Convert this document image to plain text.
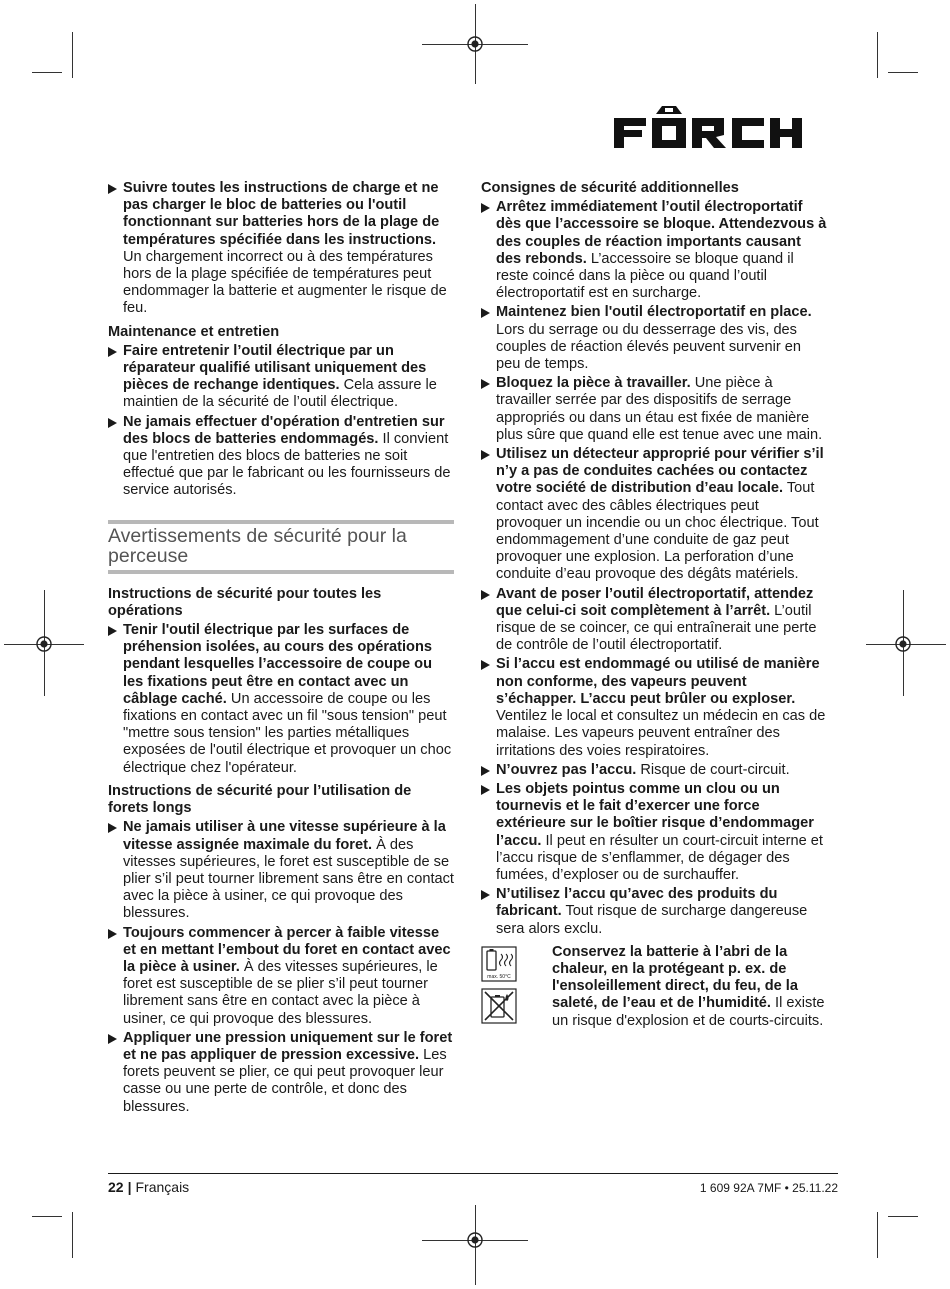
Suivre toutes les instructions de charge et ne pas charger le bloc de batteries ou l'outil fonctionnant sur batteries hors de la plage de températures spécifiée dans les instructions. Un chargement incorrect ou à des températures hors de la plage spécifiée de températures peut endommager la batterie et augmenter le risque de feu.
Maintenance et entretien
Faire entretenir l’outil électrique par un réparateur qualifié utilisant uniquement des pièces de rechange identiques. Cela assure le maintien de la sécurité de l’outil électrique.
Ne jamais effectuer d'opération d'entretien sur des blocs de batteries endommagés. Il convient que l'entretien des blocs de batteries ne soit effectué que par le fabricant ou les fournisseurs de service autorisés.
Avertissements de sécurité pour la perceuse
Instructions de sécurité pour toutes les opérations
Tenir l'outil électrique par les surfaces de préhension isolées, au cours des opérations pendant lesquelles l’accessoire de coupe ou les fixations peut être en contact avec un câblage caché. Un accessoire de coupe ou les fixations en contact avec un fil "sous tension" peut "mettre sous tension" les parties métalliques exposées de l'outil électrique et provoquer un choc électrique chez l'opérateur.
Instructions de sécurité pour l’utilisation de forets longs
Ne jamais utiliser à une vitesse supérieure à la vitesse assignée maximale du foret. À des vitesses supérieures, le foret est susceptible de se plier s’il peut tourner librement sans être en contact avec la pièce à usiner, ce qui provoque des blessures.
Toujours commencer à percer à faible vitesse et en mettant l’embout du foret en contact avec la pièce à usiner. À des vitesses supérieures, le foret est susceptible de se plier s’il peut tourner librement sans être en contact avec la pièce à usiner, ce qui provoque des blessures.
Appliquer une pression uniquement sur le foret et ne pas appliquer de pression excessive. Les forets peuvent se plier, ce qui peut provoquer leur casse ou une perte de contrôle, et donc des blessures.
Consignes de sécurité additionnelles
Arrêtez immédiatement l’outil électroportatif dès que l’accessoire se bloque. Attendezvous à des couples de réaction importants causant des rebonds. L’accessoire se bloque quand il reste coincé dans la pièce ou quand l’outil électroportatif est en surcharge.
Maintenez bien l'outil électroportatif en place. Lors du serrage ou du desserrage des vis, des couples de réaction élevés peuvent survenir en peu de temps.
Bloquez la pièce à travailler. Une pièce à travailler serrée par des dispositifs de serrage appropriés ou dans un étau est fixée de manière plus sûre que quand elle est tenue avec une main.
Utilisez un détecteur approprié pour vérifier s’il n’y a pas de conduites cachées ou contactez votre société de distribution d’eau locale. Tout contact avec des câbles électriques peut provoquer un incendie ou un choc électrique. Tout endommagement d’une conduite de gaz peut provoquer une explosion. La perforation d’une conduite d’eau provoque des dégâts matériels.
Avant de poser l’outil électroportatif, attendez que celui-ci soit complètement à l’arrêt. L’outil risque de se coincer, ce qui entraînerait une perte de contrôle de l’outil électroportatif.
Si l’accu est endommagé ou utilisé de manière non conforme, des vapeurs peuvent s’échapper. L’accu peut brûler ou exploser. Ventilez le local et consultez un médecin en cas de malaise. Les vapeurs peuvent entraîner des irritations des voies respiratoires.
N’ouvrez pas l’accu. Risque de court-circuit.
Les objets pointus comme un clou ou un tournevis et le fait d’exercer une force extérieure sur le boîtier risque d’endommager l’accu. Il peut en résulter un court-circuit interne et l’accu risque de s’enflammer, de dégager des fumées, d’exploser ou de surchauffer.
N’utilisez l’accu qu’avec des produits du fabricant. Tout risque de surcharge dangereuse sera alors exclu.
max. 50°C
Conservez la batterie à l’abri de la chaleur, en la protégeant p. ex. de l'ensoleillement direct, du feu, de la saleté, de l’eau et de l’humidité. Il existe un risque d'explosion et de courts-circuits.
22 | Français	1 609 92A 7MF • 25.11.22
